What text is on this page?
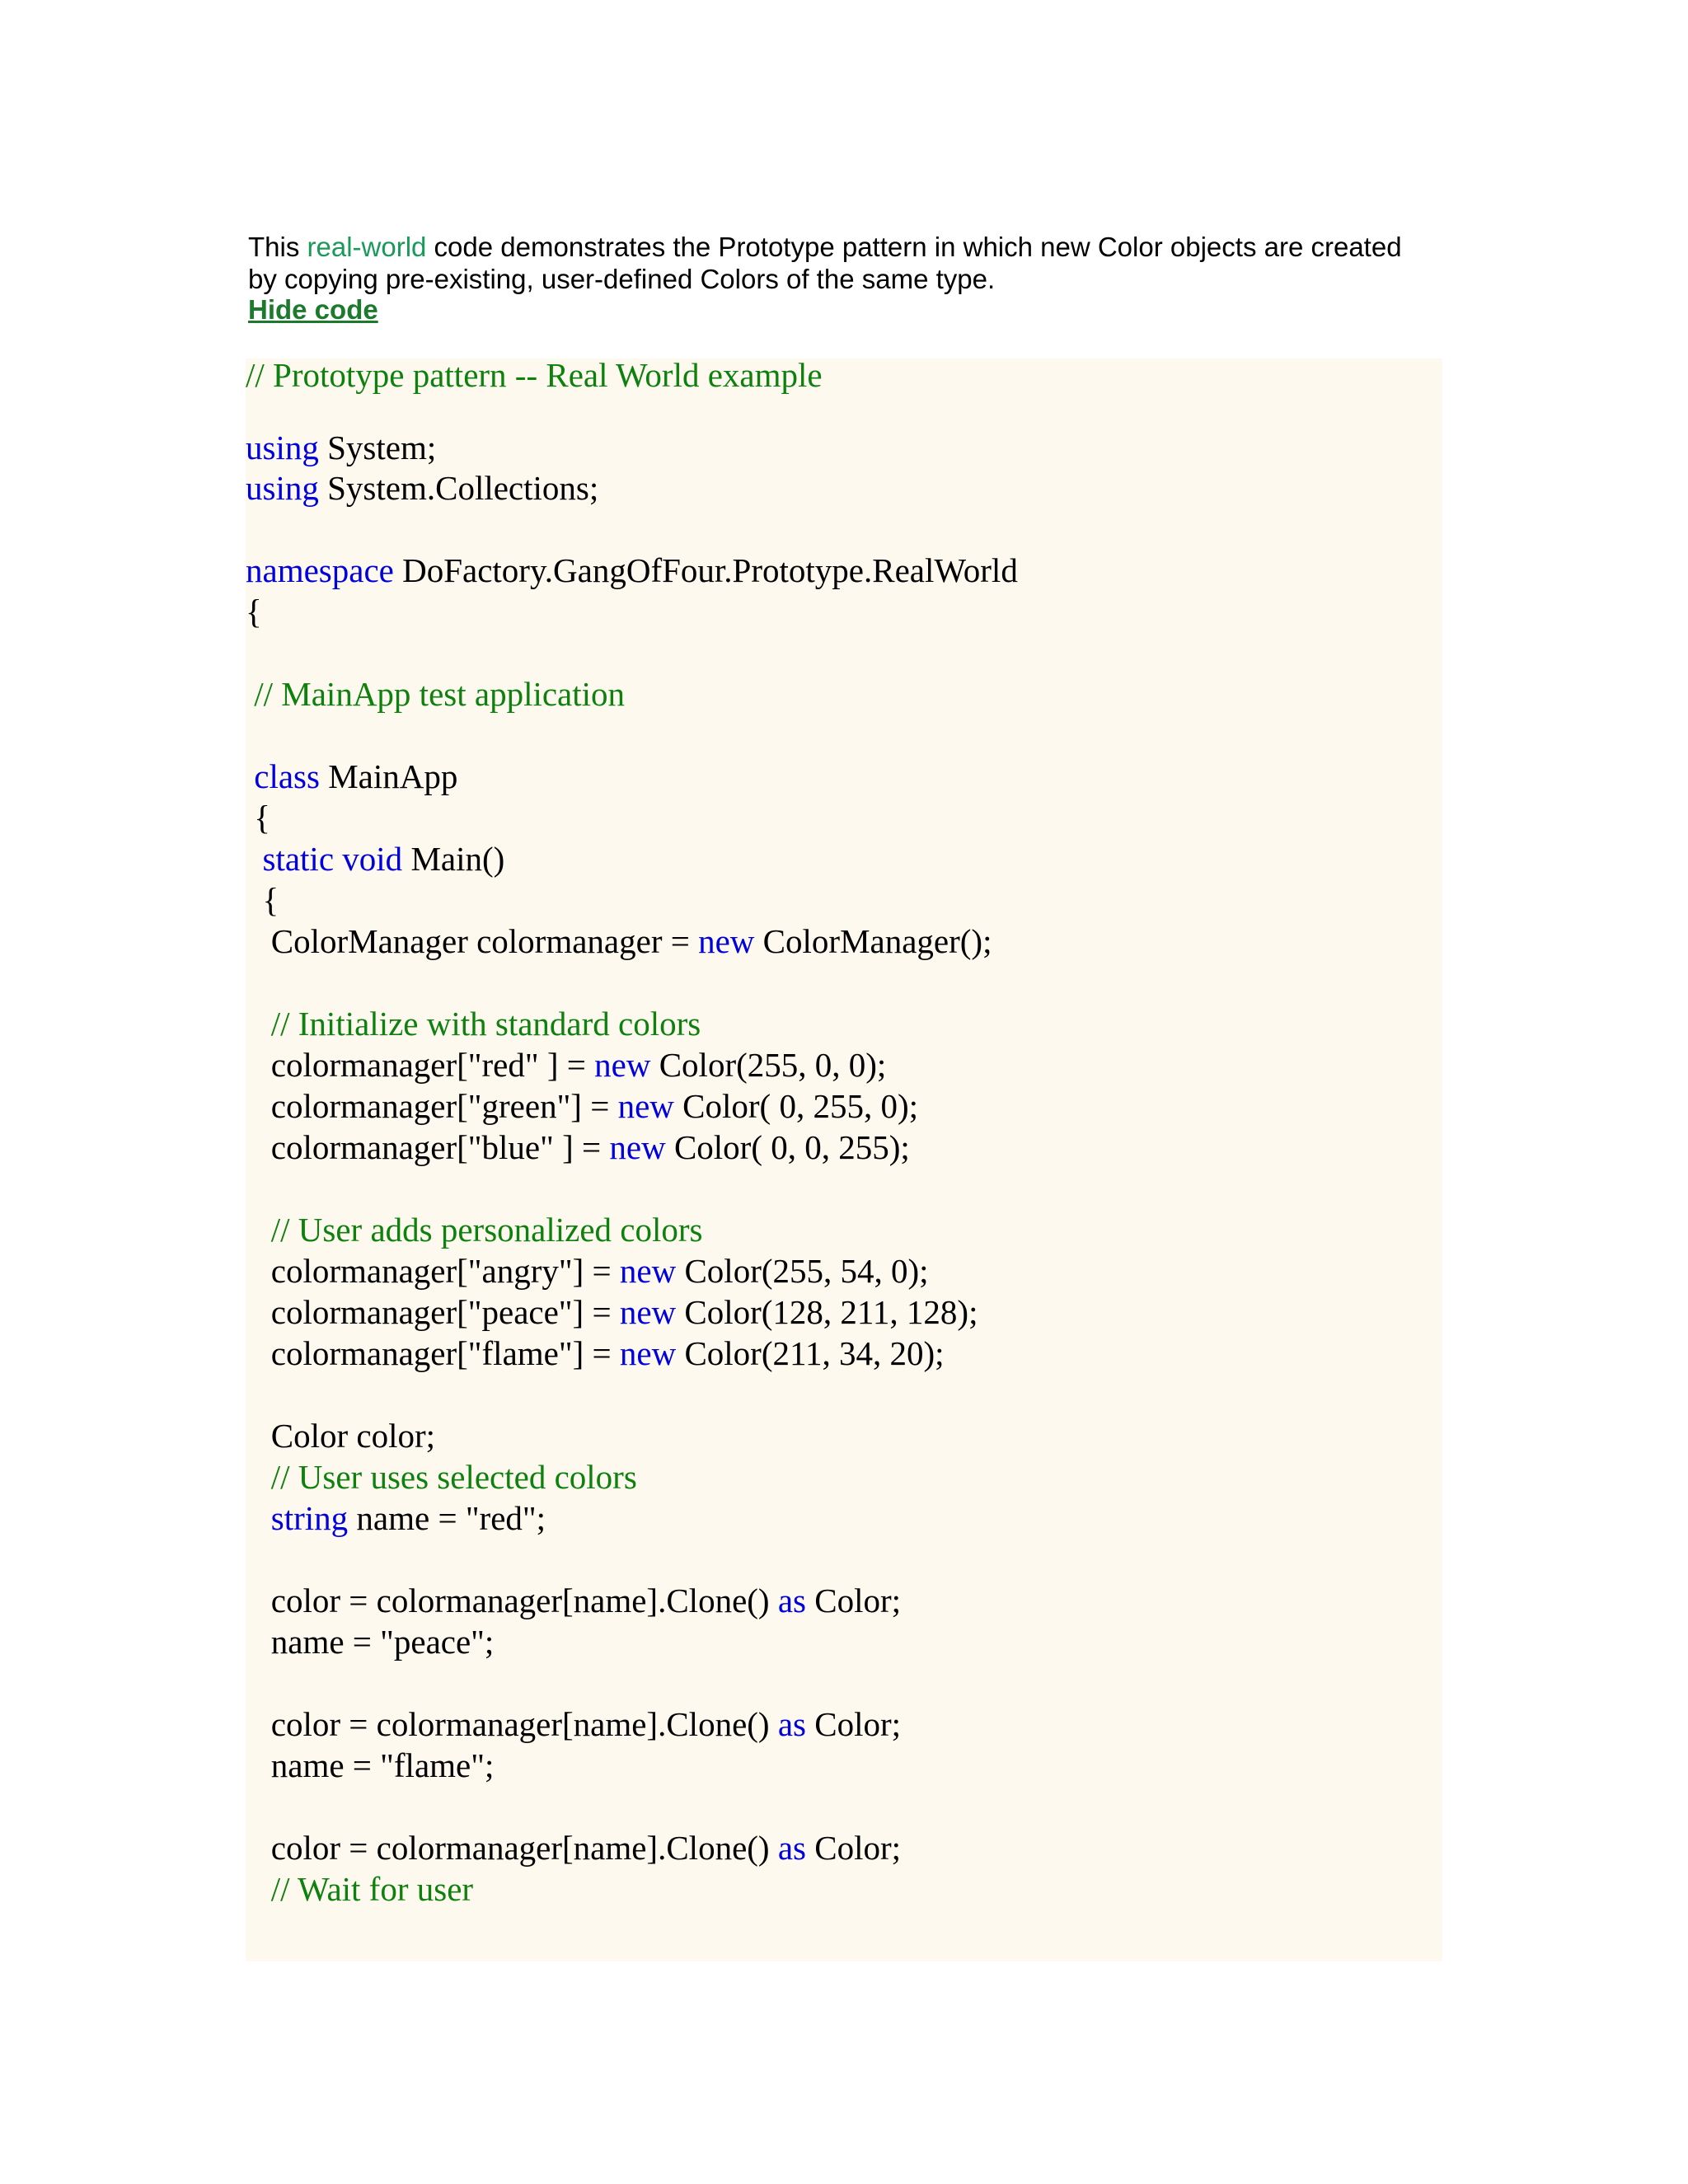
This real-world code demonstrates the Prototype pattern in which new Color objects are created
by copying pre-existing, user-defined Colors of the same type.
Hide code
// Prototype pattern -- Real World example
using System;
using System.Collections;
namespace DoFactory.GangOfFour.Prototype.RealWorld
{
// MainApp test application
class MainApp
{
static void Main()
{
ColorManager colormanager = new ColorManager();
// Initialize with standard colors
colormanager["red" ] = new Color(255, 0, 0);
colormanager["green"] = new Color( 0, 255, 0);
colormanager["blue" ] = new Color( 0, 0, 255);
// User adds personalized colors
colormanager["angry"] = new Color(255, 54, 0);
colormanager["peace"] = new Color(128, 211, 128);
colormanager["flame"] = new Color(211, 34, 20);
Color color;
// User uses selected colors
string name = "red";
color = colormanager[name].Clone() as Color;
name = "peace";
color = colormanager[name].Clone() as Color;
name = "flame";
color = colormanager[name].Clone() as Color;
// Wait for user
